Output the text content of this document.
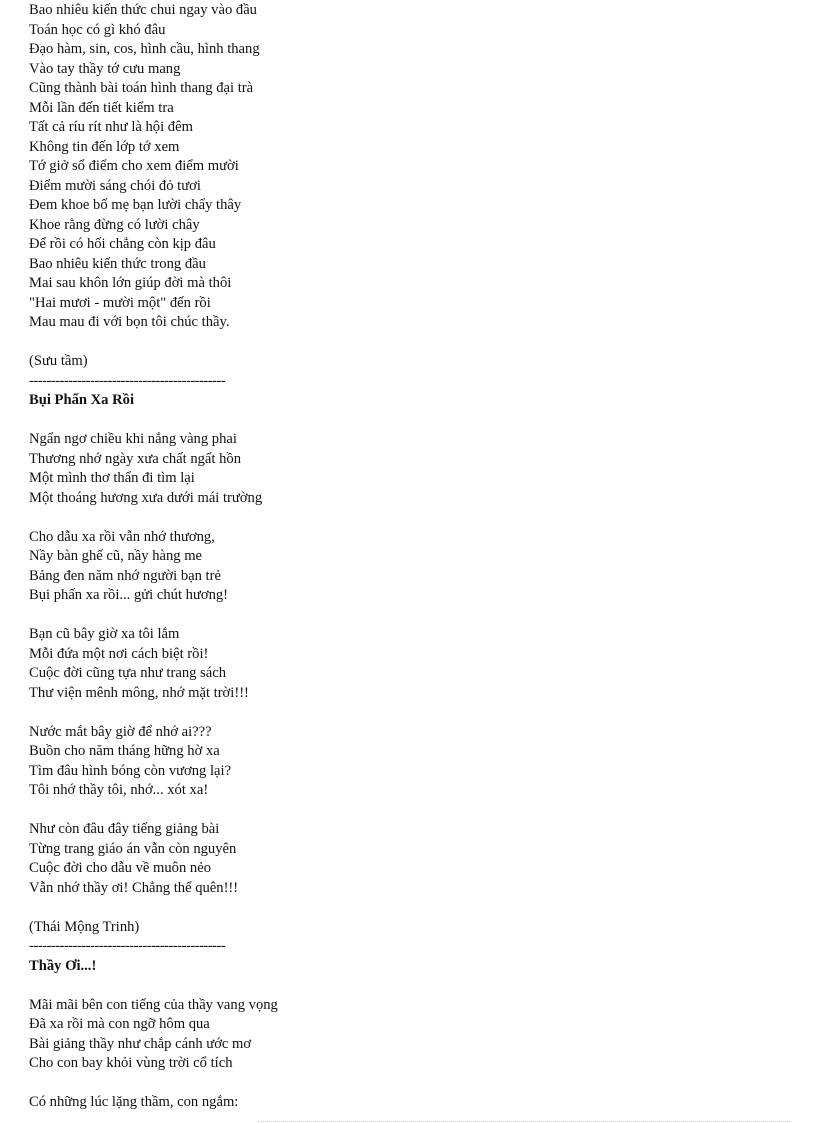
Bao nhiêu kiến thức chui ngay vào đầu
Toán học có gì khó đâu
Đạo hàm, sin, cos, hình cầu, hình thang
Vào tay thầy tớ cưu mang
Cũng thành bài toán hình thang đại trà
Mỗi lần đến tiết kiểm tra
Tất cả ríu rít như là hội đêm
Không tin đến lớp tớ xem
Tớ giở sổ điểm cho xem điểm mười
Điểm mười sáng chói đỏ tươi
Đem khoe bố mẹ bạn lười chẩy thây
Khoe rằng đừng có lười chây
Để rồi có hối chẳng còn kịp đâu
Bao nhiêu kiến thức trong đầu
Mai sau khôn lớn giúp đời mà thôi
"Hai mươi - mười một" đến rồi
Mau mau đi với bọn tôi chúc thầy.
(Sưu tầm)
---------------------------------------------
Bụi Phấn Xa Rồi
Ngẩn ngơ chiều khi nắng vàng phai
Thương nhớ ngày xưa chất ngất hồn
Một mình thơ thẩn đi tìm lại
Một thoáng hương xưa dưới mái trường
Cho dẫu xa rồi vẫn nhớ thương,
Nầy bàn ghế cũ, nầy hàng me
Bảng đen năm nhớ người bạn trẻ
Bụi phấn xa rồi... gửi chút hương!
Bạn cũ bây giờ xa tôi lắm
Mỗi đứa một nơi cách biệt rồi!
Cuộc đời cũng tựa như trang sách
Thư viện mênh mông, nhớ mặt trời!!!
Nước mắt bây giờ để nhớ ai???
Buồn cho năm tháng hững hờ xa
Tìm đâu hình bóng còn vương lại?
Tôi nhớ thầy tôi, nhớ... xót xa!
Như còn đâu đây tiếng giảng bài
Từng trang giáo án vẫn còn nguyên
Cuộc đời cho dẫu về muôn nẻo
Vẫn nhớ thầy ơi! Chẳng thể quên!!!
(Thái Mộng Trinh)
---------------------------------------------
Thầy Ơi...!
Mãi mãi bên con tiếng của thầy vang vọng
Đã xa rồi mà con ngỡ hôm qua
Bài giảng thầy như chắp cánh ước mơ
Cho con bay khỏi vùng trời cổ tích
Có những lúc lặng thầm, con ngắm:
